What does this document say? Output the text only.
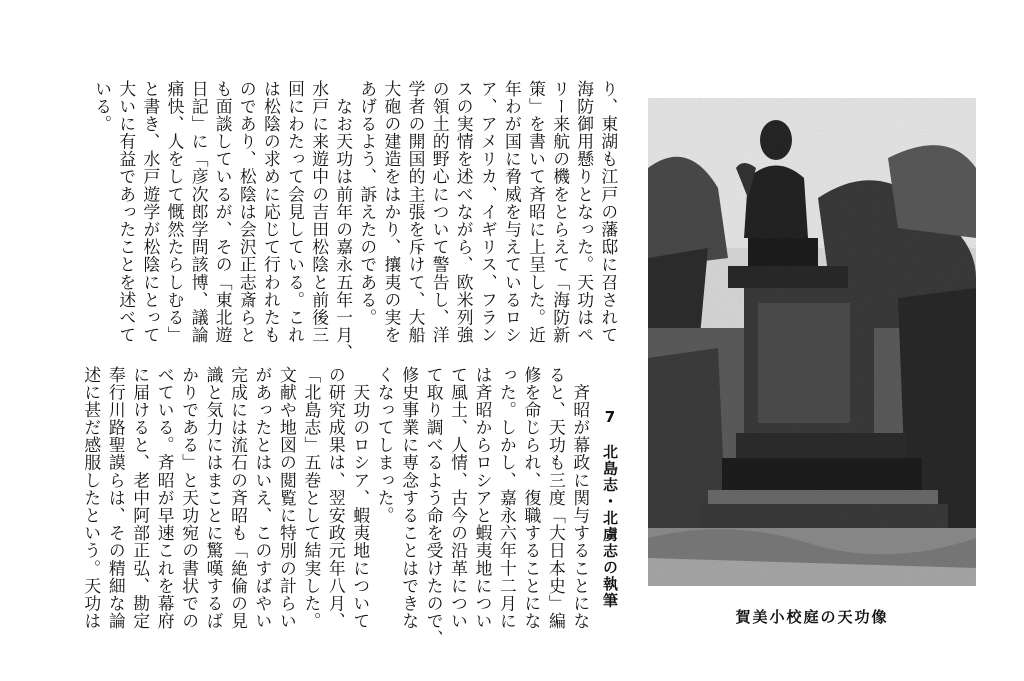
り、東湖も江戸の藩邸に召されて
海防御用懸りとなった。天功はペ
リー来航の機をとらえて「海防新
策」を書いて斉昭に上呈した。近
年わが国に脅威を与えているロシ
ア、アメリカ、イギリス、フラン
スの実情を述べながら、欧米列強
の領土的野心について警告し、洋
学者の開国的主張を斥けて、大船
大砲の建造をはかり、攘夷の実を
あげるよう、訴えたのである。
　なお天功は前年の嘉永五年一月、
水戸に来遊中の吉田松陰と前後三
回にわたって会見している。これ
は松陰の求めに応じて行われたも
のであり、松陰は会沢正志斎らと
も面談しているが、その「東北遊
日記」に「彦次郎学問該博、議論
痛快、人をして慨然たらしむる」
と書き、水戸遊学が松陰にとって
大いに有益であったことを述べて
いる。
7　北島志・北虜志の執筆
　斉昭が幕政に関与することにな
ると、天功も三度「大日本史」編
修を命じられ、復職することにな
った。しかし、嘉永六年十二月に
は斉昭からロシアと蝦夷地につい
て風土、人情、古今の沿革につい
て取り調べるよう命を受けたので、
修史事業に専念することはできな
くなってしまった。
　天功のロシア、蝦夷地について
の研究成果は、翌安政元年八月、
「北島志」五巻として結実した。
文献や地図の閲覧に特別の計らい
があったとはいえ、このすばやい
完成には流石の斉昭も「絶倫の見
識と気力にはまことに驚嘆するば
かりである」と天功宛の書状での
べている。斉昭が早速これを幕府
に届けると、老中阿部正弘、勘定
奉行川路聖謨らは、その精細な論
述に甚だ感服したという。天功は	賀美小校庭の天功像
